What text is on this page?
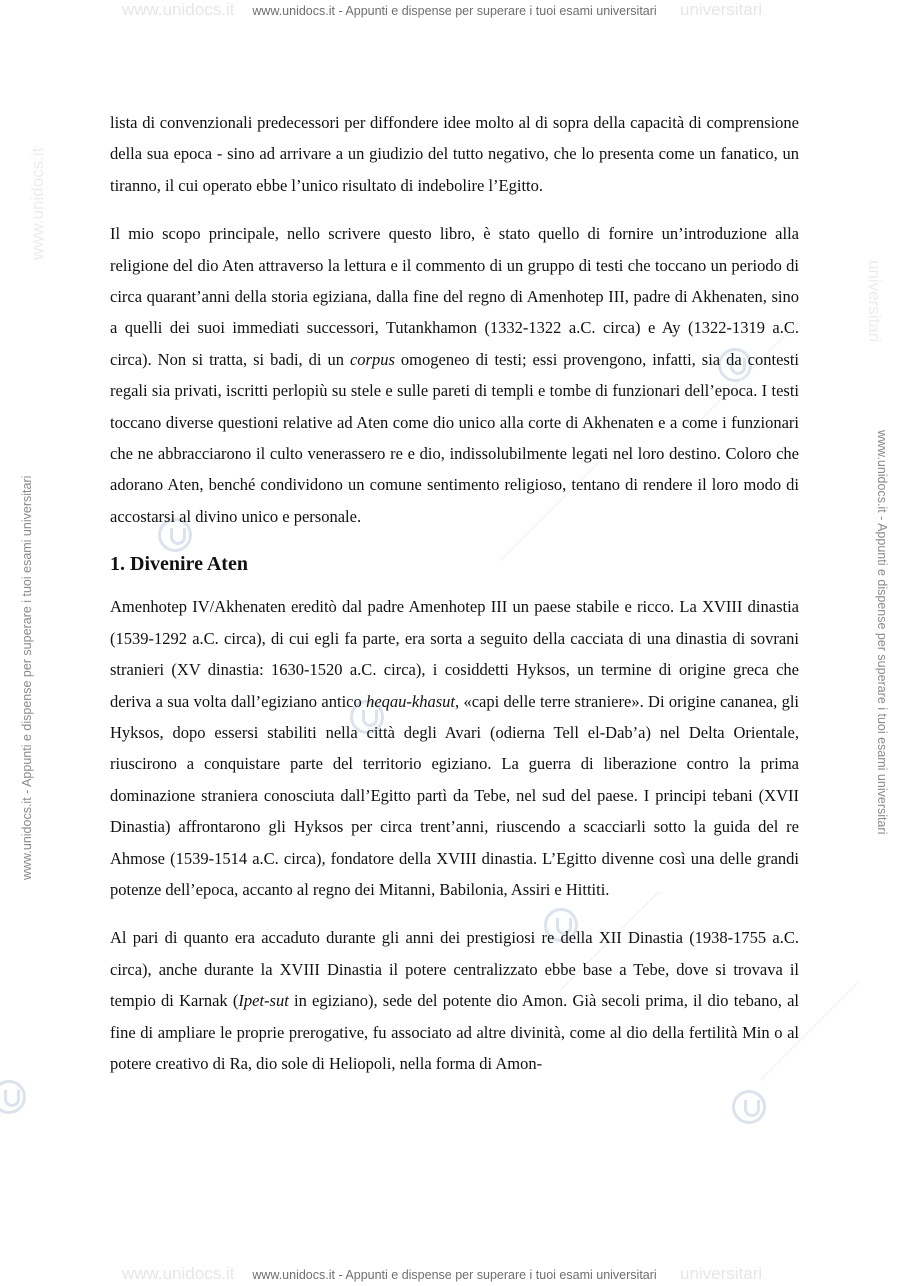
www.unidocs.it www.unidocs.it - Appunti e dispense per superare i tuoi esami universitari universitari
www.unidocs.it www.unidocs.it - Appunti e dispense per superare i tuoi esami universitari universitari
www.unidocs.it - Appunti e dispense per superare i tuoi esami universitari	www.unidocs.it - Appunti e dispense per superare i tuoi esami universitari
www.unidocs.it
universitari

lista di convenzionali predecessori per diffondere idee molto al di sopra della capacità di comprensione della sua epoca - sino ad arrivare a un giudizio del tutto negativo, che lo presenta come un fanatico, un tiranno, il cui operato ebbe l’unico risultato di indebolire l’Egitto.

Il mio scopo principale, nello scrivere questo libro, è stato quello di fornire un’introduzione alla religione del dio Aten attraverso la lettura e il commento di un gruppo di testi che toccano un periodo di circa quarant’anni della storia egiziana, dalla fine del regno di Amenhotep III, padre di Akhenaten, sino a quelli dei suoi immediati successori, Tutankhamon (1332-1322 a.C. circa) e Ay (1322-1319 a.C. circa). Non si tratta, si badi, di un corpus omogeneo di testi; essi provengono, infatti, sia da contesti regali sia privati, iscritti perlopiù su stele e sulle pareti di templi e tombe di funzionari dell’epoca. I testi toccano diverse questioni relative ad Aten come dio unico alla corte di Akhenaten e a come i funzionari che ne abbracciarono il culto venerassero re e dio, indissolubilmente legati nel loro destino. Coloro che adorano Aten, benché condividono un comune sentimento religioso, tentano di rendere il loro modo di accostarsi al divino unico e personale.

1. Divenire Aten

Amenhotep IV/Akhenaten ereditò dal padre Amenhotep III un paese stabile e ricco. La XVIII dinastia (1539-1292 a.C. circa), di cui egli fa parte, era sorta a seguito della cacciata di una dinastia di sovrani stranieri (XV dinastia: 1630-1520 a.C. circa), i cosiddetti Hyksos, un termine di origine greca che deriva a sua volta dall’egiziano antico heqau-khasut, «capi delle terre straniere». Di origine cananea, gli Hyksos, dopo essersi stabiliti nella città degli Avari (odierna Tell el-Dab’a) nel Delta Orientale, riuscirono a conquistare parte del territorio egiziano. La guerra di liberazione contro la prima dominazione straniera conosciuta dall’Egitto partì da Tebe, nel sud del paese. I principi tebani (XVII Dinastia) affrontarono gli Hyksos per circa trent’anni, riuscendo a scacciarli sotto la guida del re Ahmose (1539-1514 a.C. circa), fondatore della XVIII dinastia. L’Egitto divenne così una delle grandi potenze dell’epoca, accanto al regno dei Mitanni, Babilonia, Assiri e Hittiti.

Al pari di quanto era accaduto durante gli anni dei prestigiosi re della XII Dinastia (1938-1755 a.C. circa), anche durante la XVIII Dinastia il potere centralizzato ebbe base a Tebe, dove si trovava il tempio di Karnak (Ipet-sut in egiziano), sede del potente dio Amon. Già secoli prima, il dio tebano, al fine di ampliare le proprie prerogative, fu associato ad altre divinità, come al dio della fertilità Min o al potere creativo di Ra, dio sole di Heliopoli, nella forma di Amon-
